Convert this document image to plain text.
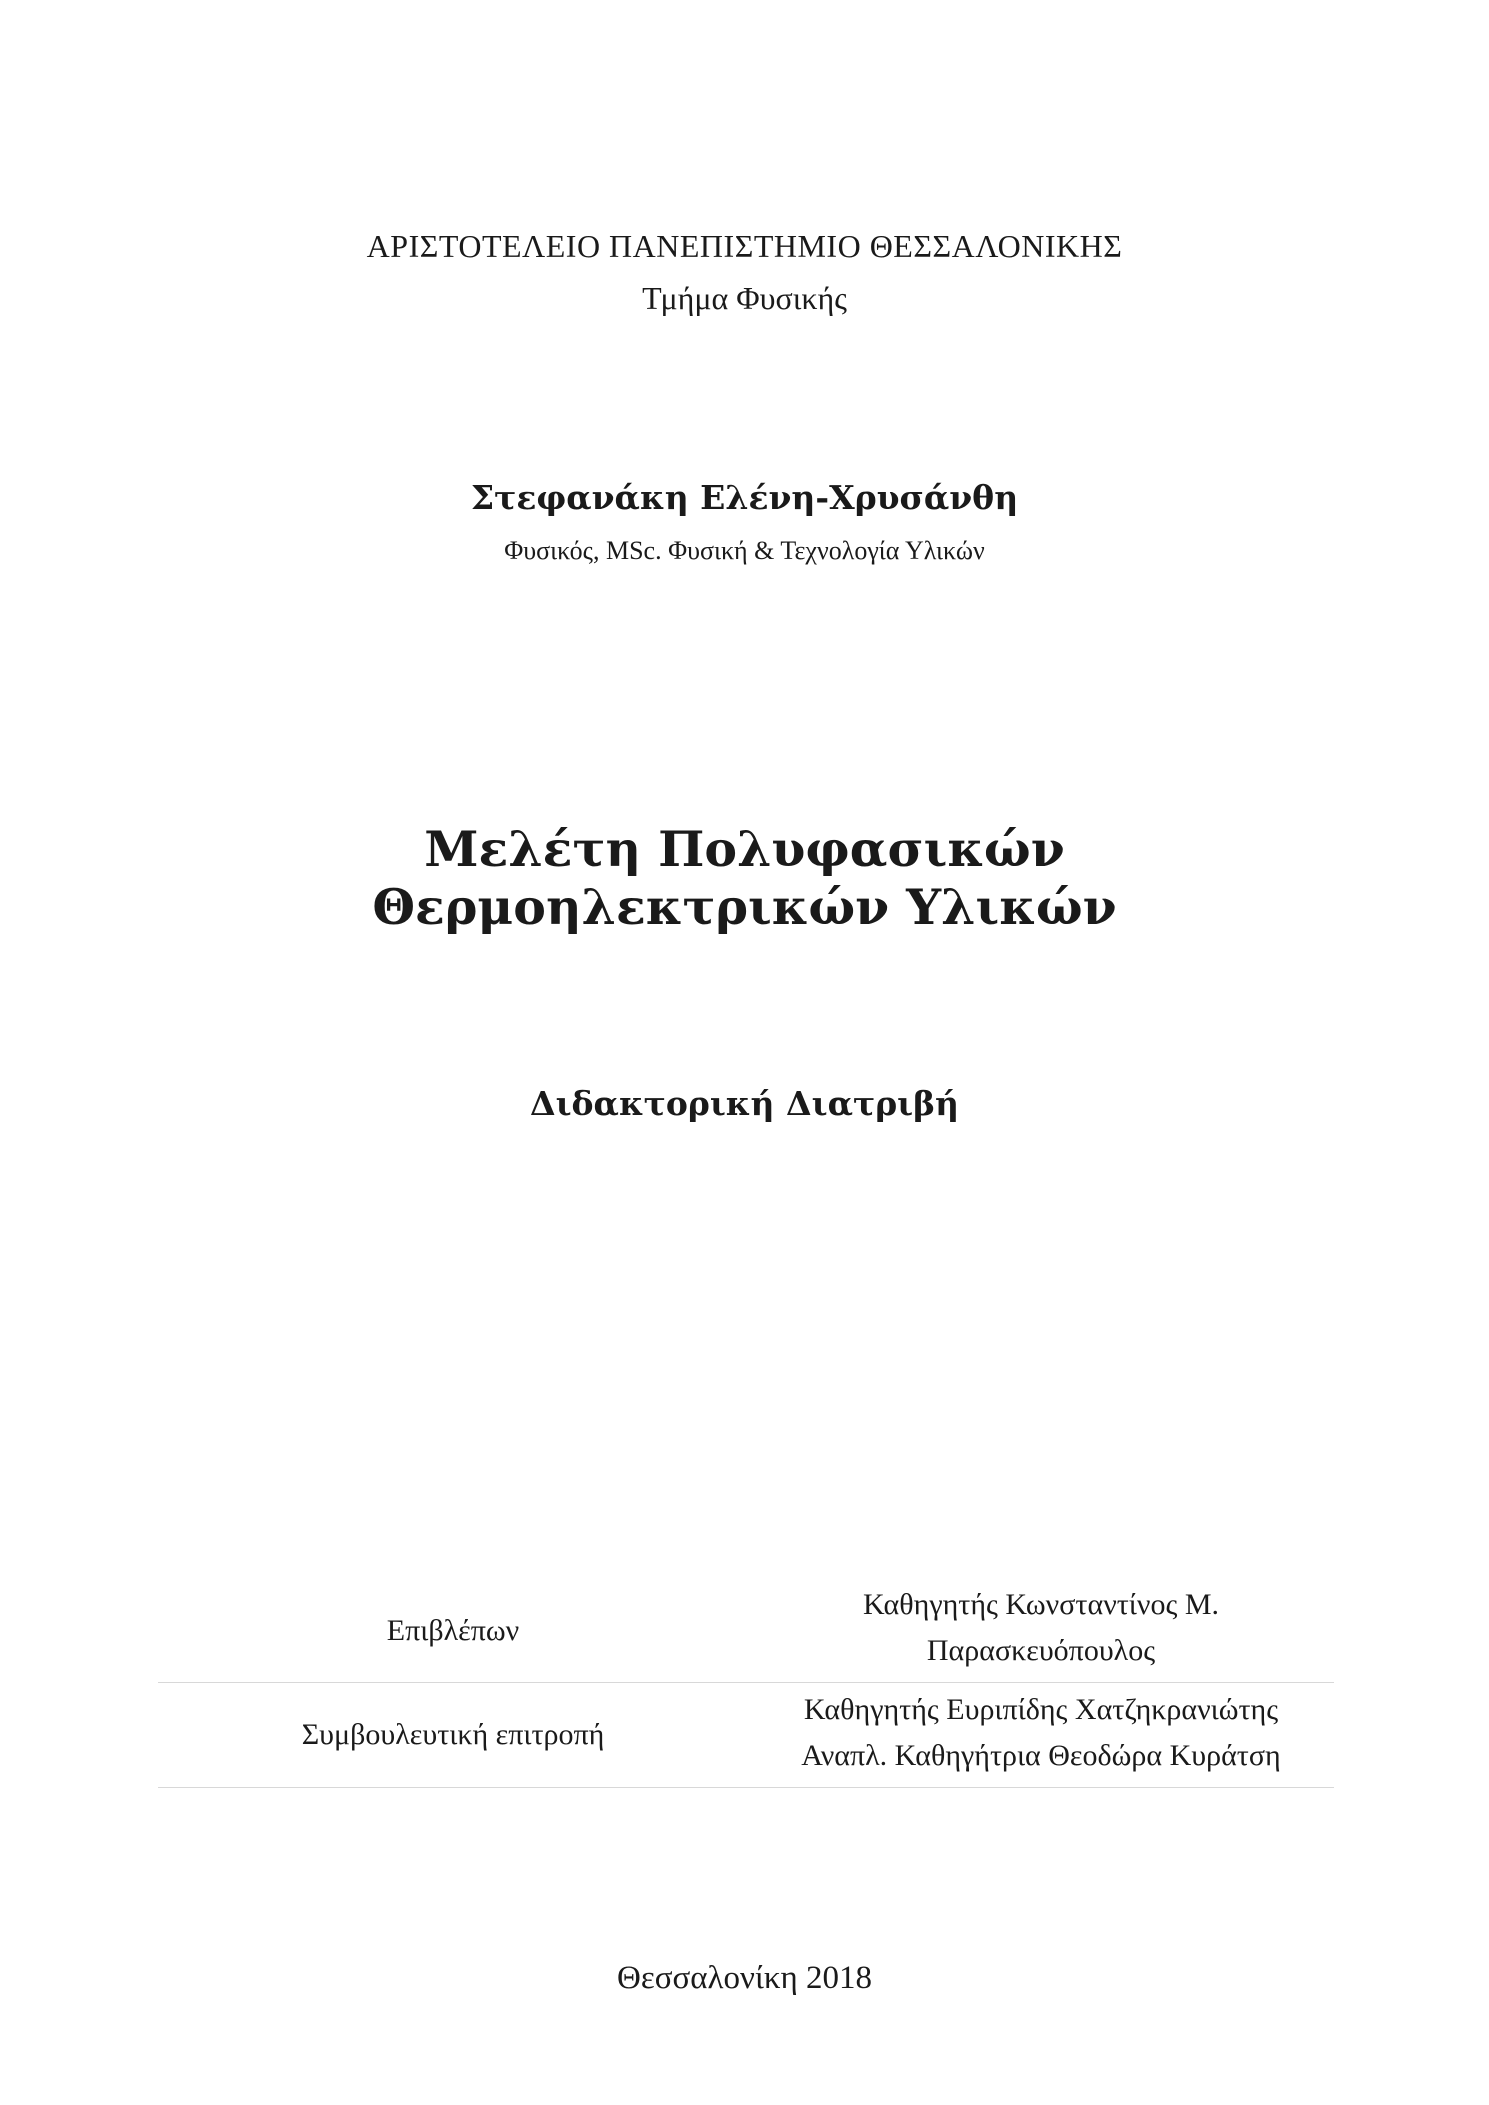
ΑΡΙΣΤΟΤΕΛΕΙΟ ΠΑΝΕΠΙΣΤΗΜΙΟ ΘΕΣΣΑΛΟΝΙΚΗΣ
Τμήμα Φυσικής
Στεφανάκη Ελένη-Χρυσάνθη
Φυσικός, MSc. Φυσική & Τεχνολογία Υλικών
Μελέτη Πολυφασικών
Θερμοηλεκτρικών Υλικών
Διδακτορική Διατριβή
Επιβλέπων
Καθηγητής Κωνσταντίνος Μ.
Παρασκευόπουλος
Συμβουλευτική επιτροπή
Καθηγητής Ευριπίδης Χατζηκρανιώτης
Αναπλ. Καθηγήτρια Θεοδώρα Κυράτση
Θεσσαλονίκη 2018
